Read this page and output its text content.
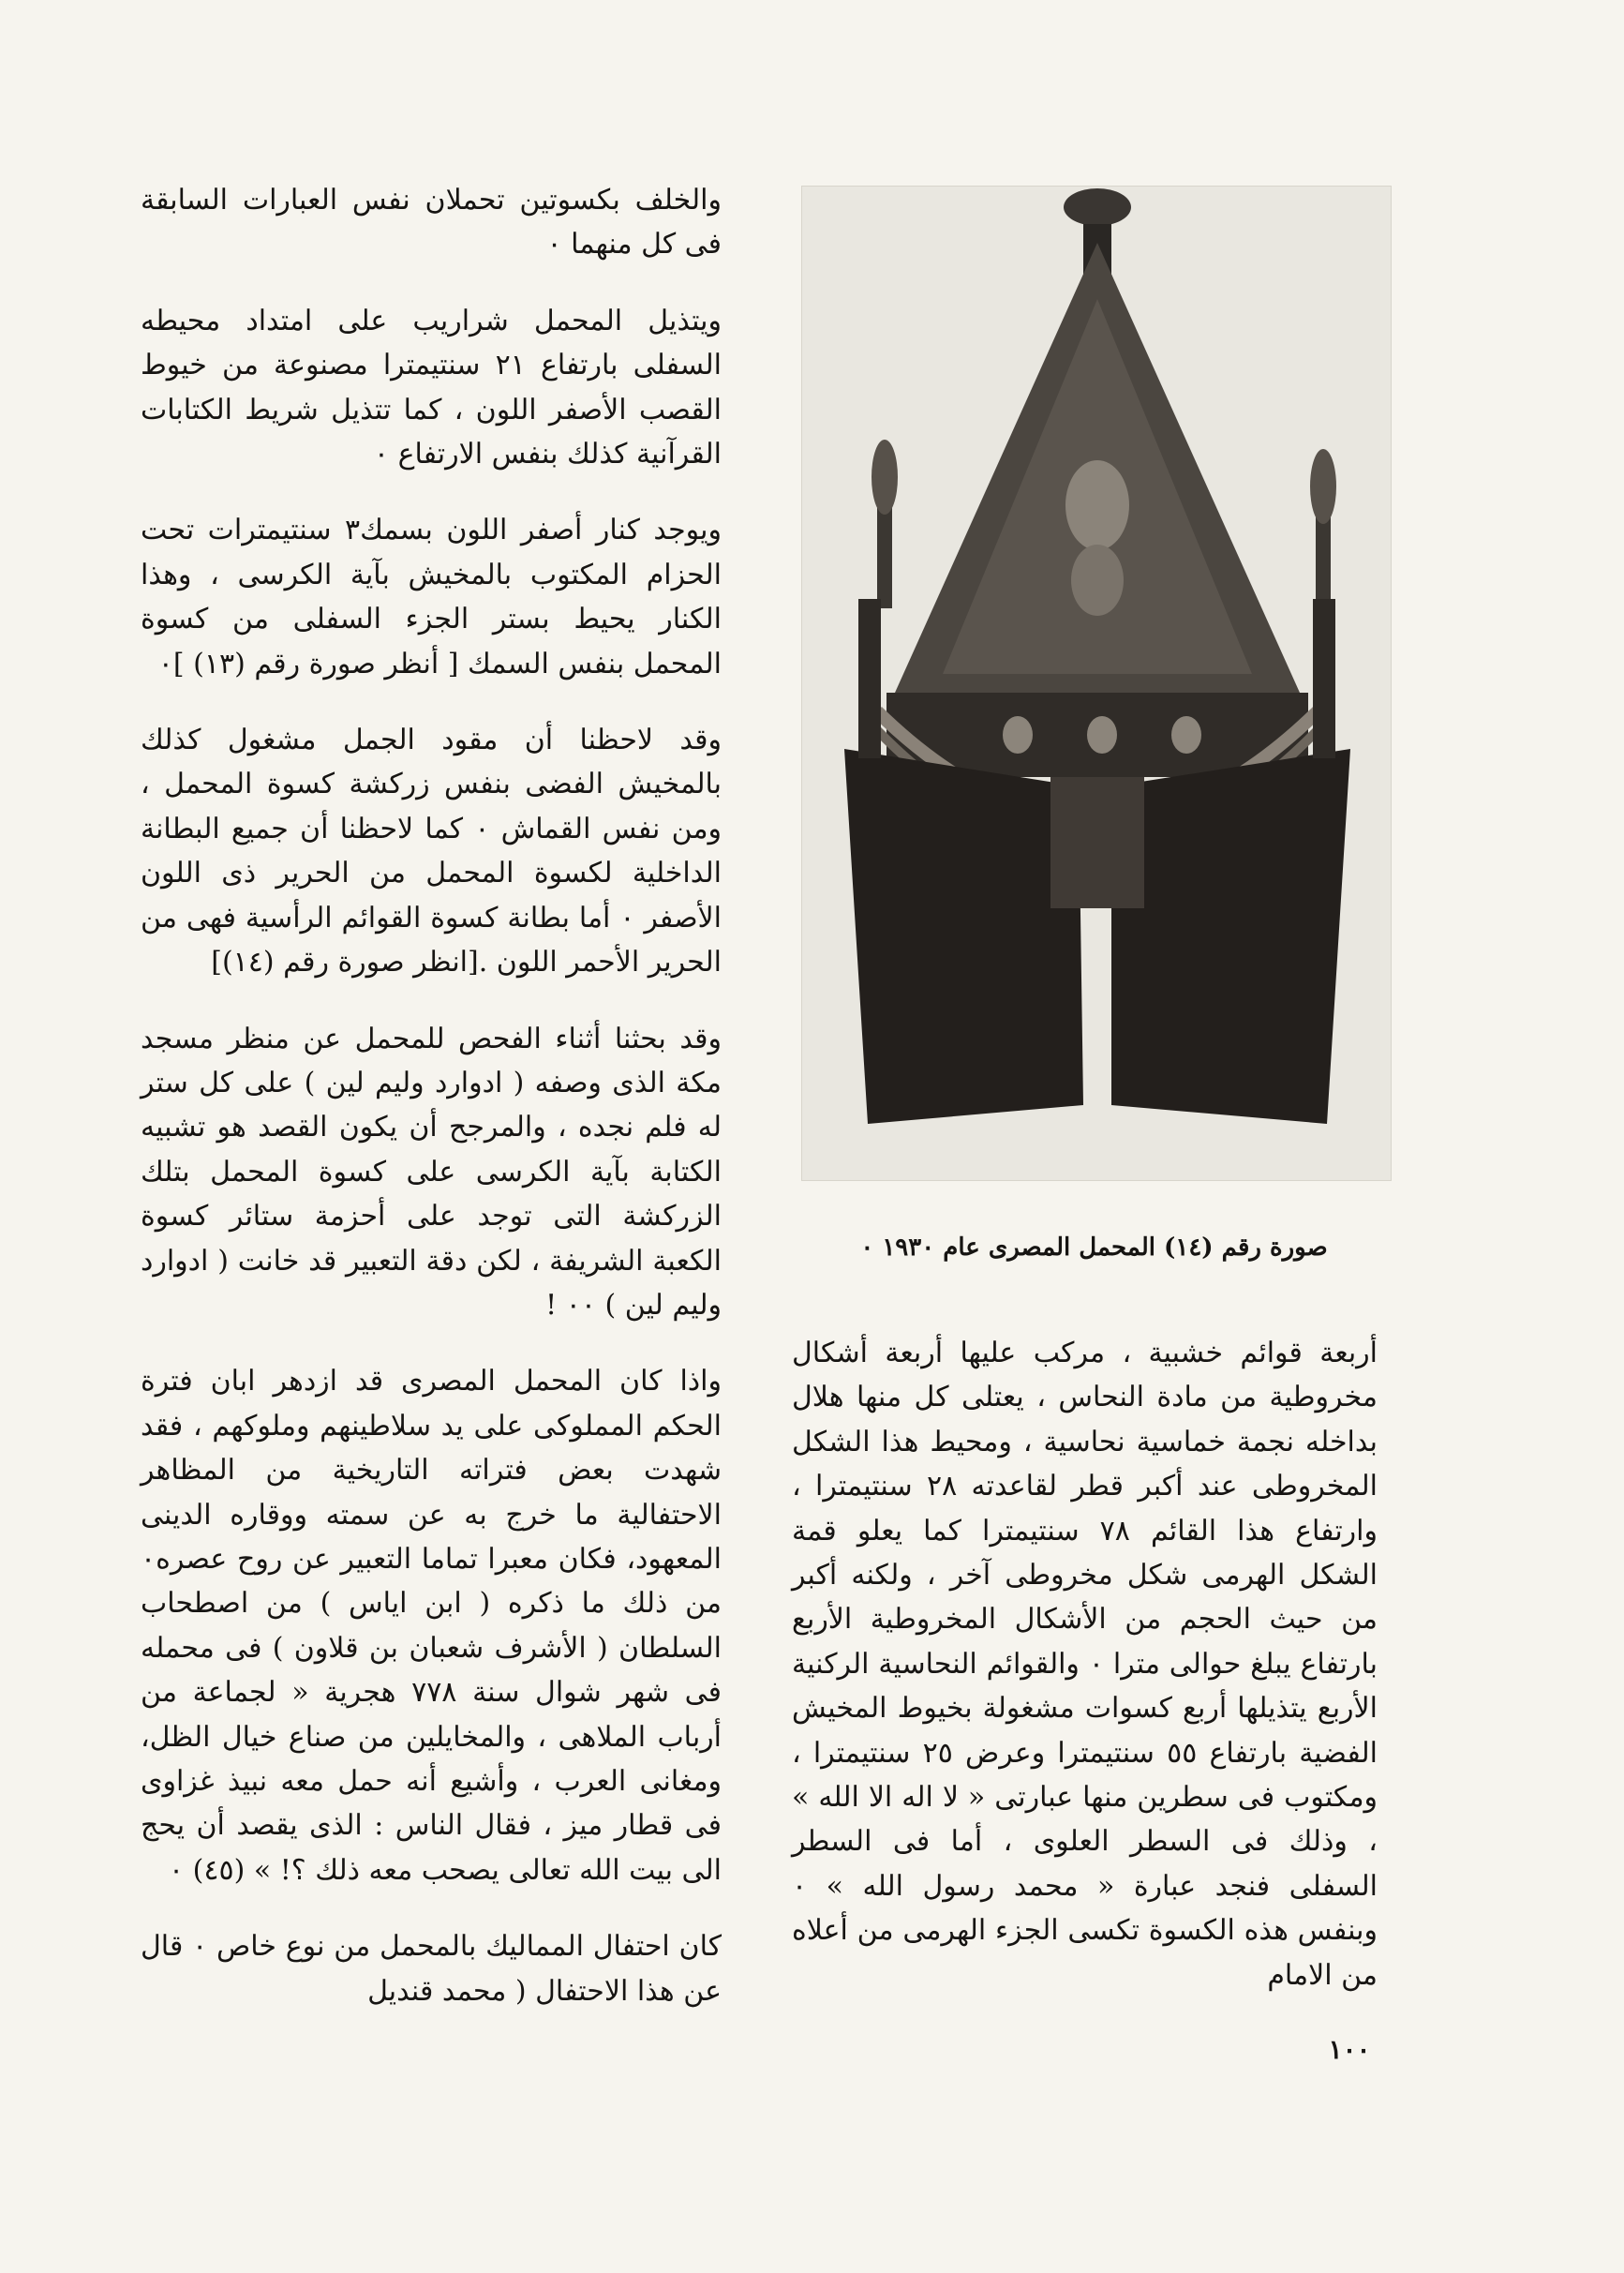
والخلف بكسوتين تحملان نفس العبارات السابقة فى كل منهما ٠

ويتذيل المحمل شراريب على امتداد محيطه السفلى بارتفاع ٢١ سنتيمترا مصنوعة من خيوط القصب الأصفر اللون ، كما تتذيل شريط الكتابات القرآنية كذلك بنفس الارتفاع ٠

ويوجد كنار أصفر اللون بسمك٣ سنتيمترات تحت الحزام المكتوب بالمخيش بآية الكرسى ، وهذا الكنار يحيط بستر الجزء السفلى من كسوة المحمل بنفس السمك [ أنظر صورة رقم (١٣) ]٠

وقد لاحظنا أن مقود الجمل مشغول كذلك بالمخيش الفضى بنفس زركشة كسوة المحمل ، ومن نفس القماش ٠ كما لاحظنا أن جميع البطانة الداخلية لكسوة المحمل من الحرير ذى اللون الأصفر ٠ أما بطانة كسوة القوائم الرأسية فهى من الحرير الأحمر اللون .[انظر صورة رقم (١٤)]

وقد بحثنا أثناء الفحص للمحمل عن منظر مسجد مكة الذى وصفه ( ادوارد وليم لين ) على كل ستر له فلم نجده ، والمرجح أن يكون القصد هو تشبيه الكتابة بآية الكرسى على كسوة المحمل بتلك الزركشة التى توجد على أحزمة ستائر كسوة الكعبة الشريفة ، لكن دقة التعبير قد خانت ( ادوارد وليم لين ) ٠٠ !

واذا كان المحمل المصرى قد ازدهر ابان فترة الحكم المملوكى على يد سلاطينهم وملوكهم ، فقد شهدت بعض فتراته التاريخية من المظاهر الاحتفالية ما خرج به عن سمته ووقاره الدينى المعهود، فكان معبرا تماما التعبير عن روح عصره٠ من ذلك ما ذكره ( ابن اياس ) من اصطحاب السلطان ( الأشرف شعبان بن قلاون ) فى محمله فى شهر شوال سنة ٧٧٨ هجرية « لجماعة من أرباب الملاهى ، والمخايلين من صناع خيال الظل، ومغانى العرب ، وأشيع أنه حمل معه نبيذ غزاوى فى قطار ميز ، فقال الناس : الذى يقصد أن يحج الى بيت الله تعالى يصحب معه ذلك ؟! » (٤٥) ٠

كان احتفال المماليك بالمحمل من نوع خاص ٠ قال عن هذا الاحتفال ( محمد قنديل

صورة رقم (١٤) المحمل المصرى عام ١٩٣٠ ٠

أربعة قوائم خشبية ، مركب عليها أربعة أشكال مخروطية من مادة النحاس ، يعتلى كل منها هلال بداخله نجمة خماسية نحاسية ، ومحيط هذا الشكل المخروطى عند أكبر قطر لقاعدته ٢٨ سنتيمترا ، وارتفاع هذا القائم ٧٨ سنتيمترا كما يعلو قمة الشكل الهرمى شكل مخروطى آخر ، ولكنه أكبر من حيث الحجم من الأشكال المخروطية الأربع بارتفاع يبلغ حوالى مترا ٠ والقوائم النحاسية الركنية الأربع يتذيلها أربع كسوات مشغولة بخيوط المخيش الفضية بارتفاع ٥٥ سنتيمترا وعرض ٢٥ سنتيمترا ، ومكتوب فى سطرين منها عبارتى « لا اله الا الله » ، وذلك فى السطر العلوى ، أما فى السطر السفلى فنجد عبارة « محمد رسول الله » ٠ وبنفس هذه الكسوة تكسى الجزء الهرمى من أعلاه من الامام

١٠٠
